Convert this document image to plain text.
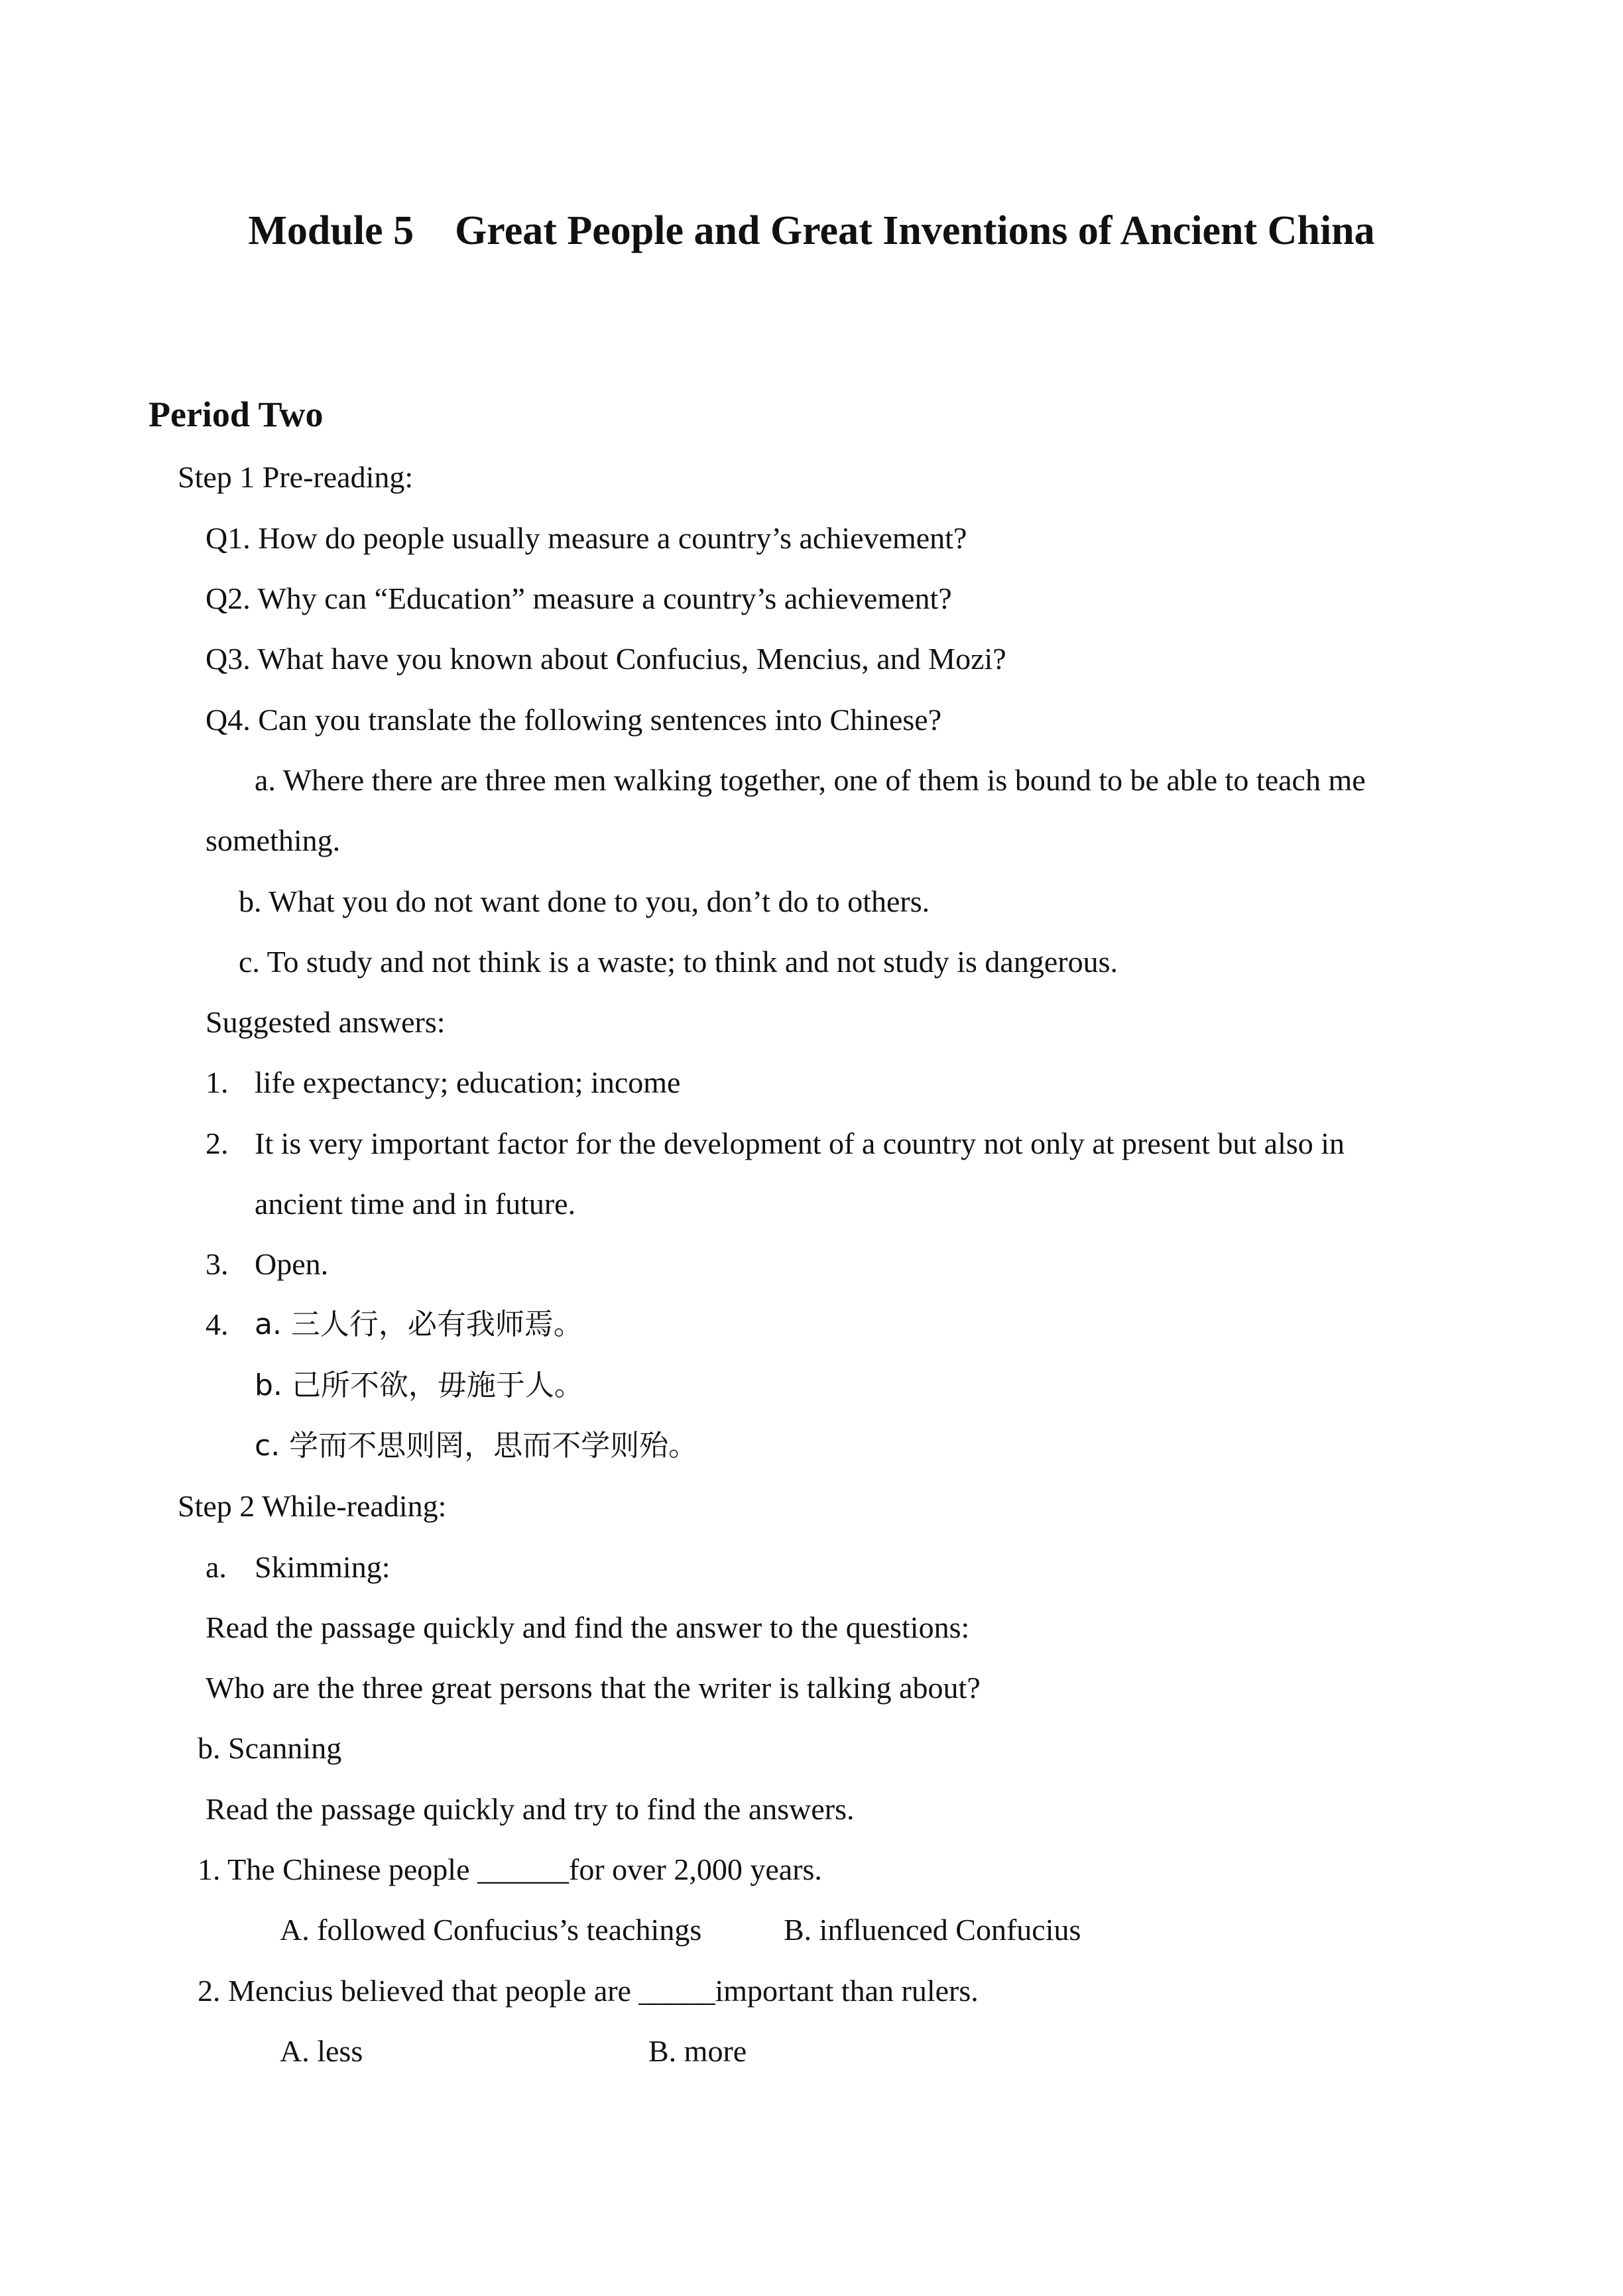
Module 5    Great People and Great Inventions of Ancient China
Period Two
Step 1 Pre-reading:
Q1. How do people usually measure a country’s achievement?
Q2. Why can “Education” measure a country’s achievement?
Q3. What have you known about Confucius, Mencius, and Mozi?
Q4. Can you translate the following sentences into Chinese?
a. Where there are three men walking together, one of them is bound to be able to teach me
something.
b. What you do not want done to you, don’t do to others.
c. To study and not think is a waste; to think and not study is dangerous.
Suggested answers:
1. life expectancy; education; income
2. It is very important factor for the development of a country not only at present but also in
ancient time and in future.
3. Open.
4. a. 三人行，必有我师焉。
b. 己所不欲，毋施于人。
c. 学而不思则罔，思而不学则殆。
Step 2 While-reading:
a. Skimming:
Read the passage quickly and find the answer to the questions:
Who are the three great persons that the writer is talking about?
b. Scanning
Read the passage quickly and try to find the answers.
1. The Chinese people ______for over 2,000 years.
A. followed Confucius’s teachings	B. influenced Confucius
2. Mencius believed that people are _____important than rulers.
A. less	B. more
